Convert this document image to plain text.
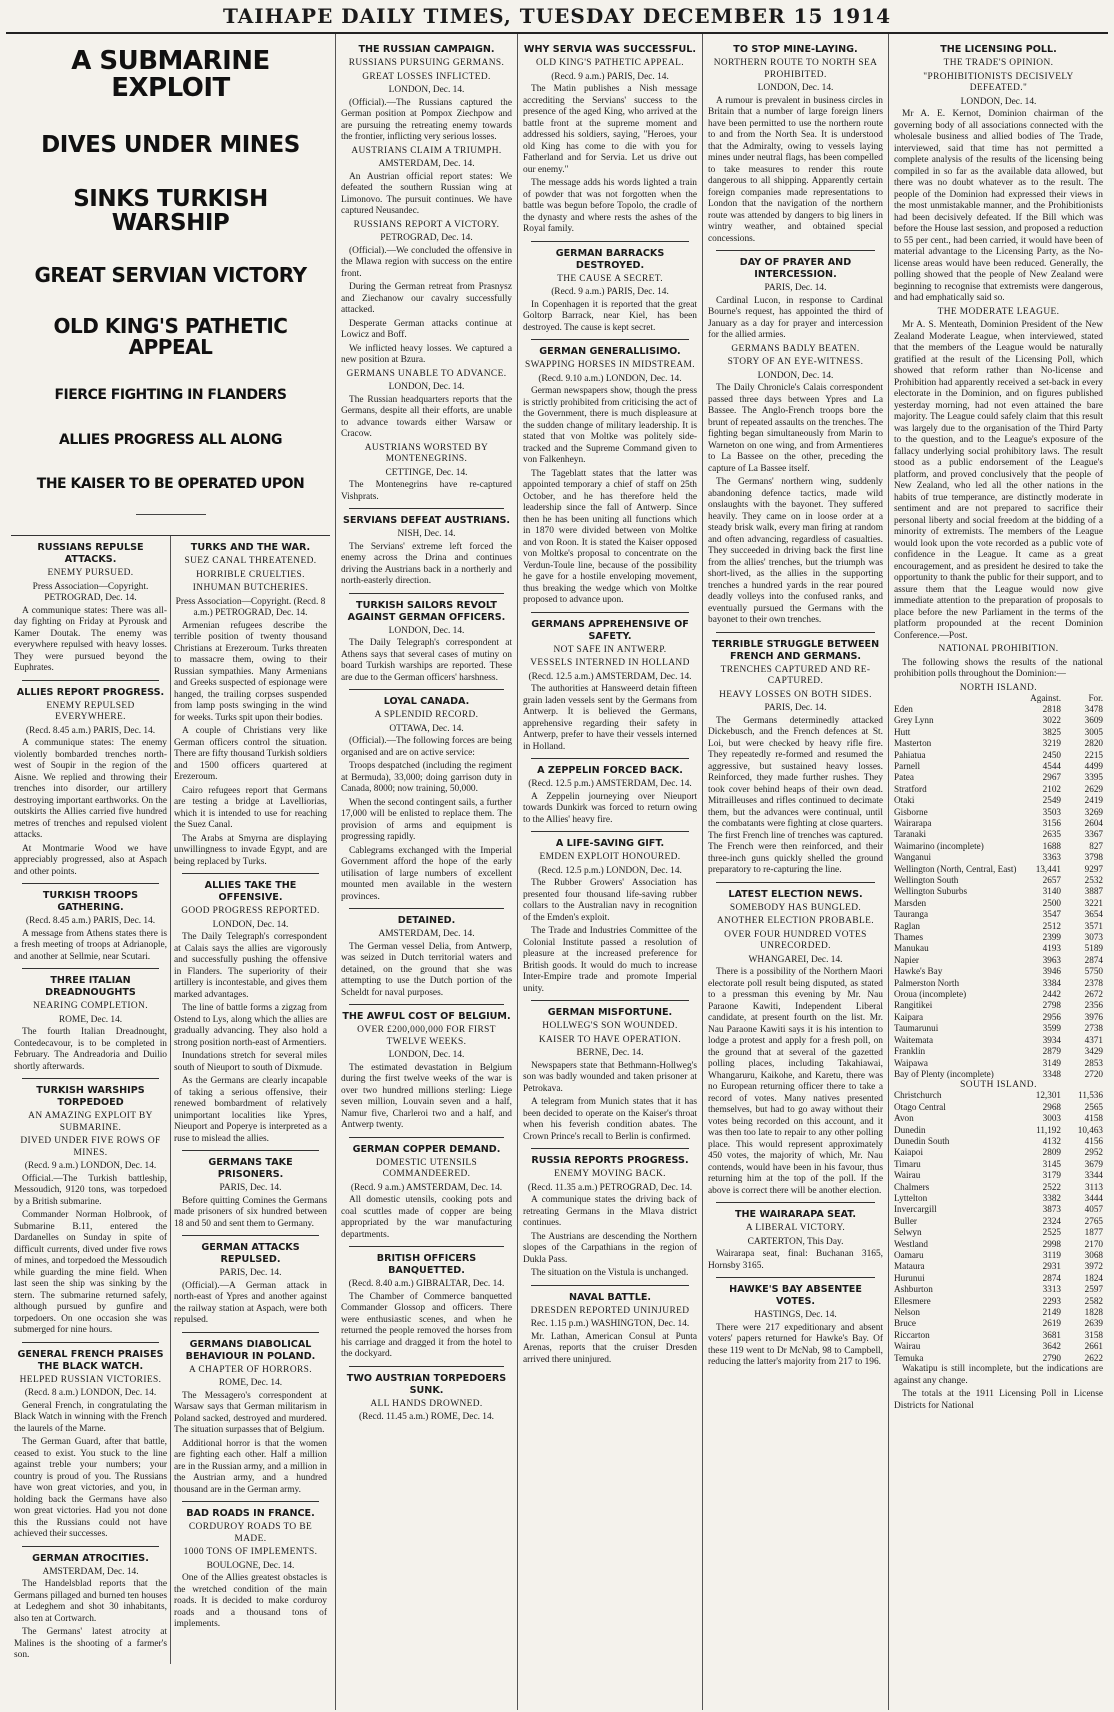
TAIHAPE DAILY TIMES, TUESDAY DECEMBER 15 1914
A SUBMARINE EXPLOIT
DIVES UNDER MINES
SINKS TURKISH WARSHIP
GREAT SERVIAN VICTORY
OLD KING'S PATHETIC APPEAL
FIERCE FIGHTING IN FLANDERS
ALLIES PROGRESS ALL ALONG
THE KAISER TO BE OPERATED UPON
RUSSIANS REPULSE ATTACKS.
ENEMY PURSUED.
Press Association—Copyright. PETROGRAD, Dec. 14.

A communique states: There was all-day fighting on Friday at Pyrousk and Kamer Doutak. The enemy was everywhere repulsed with heavy losses. They were pursued beyond the Euphrates.

ALLIES REPORT PROGRESS.
ENEMY REPULSED EVERYWHERE.
(Recd. 8.45 a.m.) PARIS, Dec. 14.

A communique states: The enemy violently bombarded trenches north-west of Soupir in the region of the Aisne. We replied and throwing their trenches into disorder, our artillery destroying important earthworks. On the outskirts the Allies carried five hundred metres of trenches and repulsed violent attacks.

At Montmarie Wood we have appreciably progressed, also at Aspach and other points.

TURKISH TROOPS GATHERING.
(Recd. 8.45 a.m.) PARIS, Dec. 14.

A message from Athens states there is a fresh meeting of troops at Adrianople, and another at Sellmie, near Scutari.

THREE ITALIAN DREADNOUGHTS
NEARING COMPLETION.
ROME, Dec. 14.

The fourth Italian Dreadnought, Contedecavour, is to be completed in February. The Andreadoria and Duilio shortly afterwards.

TURKISH WARSHIPS TORPEDOED
AN AMAZING EXPLOIT BY SUBMARINE.
DIVED UNDER FIVE ROWS OF MINES.
(Recd. 9 a.m.) LONDON, Dec. 14.

Official.—The Turkish battleship, Messoudich, 9120 tons, was torpedoed by a British submarine.

Commander Norman Holbrook, of Submarine B.11, entered the Dardanelles on Sunday in spite of difficult currents, dived under five rows of mines, and torpedoed the Messoudich while guarding the mine field. When last seen the ship was sinking by the stern. The submarine returned safely, although pursued by gunfire and torpedoers. On one occasion she was submerged for nine hours.

GENERAL FRENCH PRAISES THE BLACK WATCH.
HELPED RUSSIAN VICTORIES.
(Recd. 8 a.m.) LONDON, Dec. 14.

General French, in congratulating the Black Watch in winning with the French the laurels of the Marne.

The German Guard, after that battle, ceased to exist. You stuck to the line against treble your numbers; your country is proud of you. The Russians have won great victories, and you, in holding back the Germans have also won great victories. Had you not done this the Russians could not have achieved their successes.

GERMAN ATROCITIES.
AMSTERDAM, Dec. 14.

The Handelsblad reports that the Germans pillaged and burned ten houses at Ledeghem and shot 30 inhabitants, also ten at Cortwarch.

The Germans' latest atrocity at Malines is the shooting of a farmer's son.

TURKS AND THE WAR.
SUEZ CANAL THREATENED.
HORRIBLE CRUELTIES.
INHUMAN BUTCHERIES.
Press Association—Copyright. (Recd. 8 a.m.) PETROGRAD, Dec. 14.

Armenian refugees describe the terrible position of twenty thousand Christians at Erezeroum. Turks threaten to massacre them, owing to their Russian sympathies. Many Armenians and Greeks suspected of espionage were hanged, the trailing corpses suspended from lamp posts swinging in the wind for weeks. Turks spit upon their bodies.

A couple of Christians very like German officers control the situation. There are fifty thousand Turkish soldiers and 1500 officers quartered at Erezeroum.

Cairo refugees report that Germans are testing a bridge at Lavelliorias, which it is intended to use for reaching the Suez Canal.

The Arabs at Smyrna are displaying unwillingness to invade Egypt, and are being replaced by Turks.

ALLIES TAKE THE OFFENSIVE.
GOOD PROGRESS REPORTED.
LONDON, Dec. 14.

The Daily Telegraph's correspondent at Calais says the allies are vigorously and successfully pushing the offensive in Flanders. The superiority of their artillery is incontestable, and gives them marked advantages.

The line of battle forms a zigzag from Ostend to Lys, along which the allies are gradually advancing. They also hold a strong position north-east of Armentiers.

Inundations stretch for several miles south of Nieuport to south of Dixmude.

As the Germans are clearly incapable of taking a serious offensive, their renewed bombardment of relatively unimportant localities like Ypres, Nieuport and Poperye is interpreted as a ruse to mislead the allies.

GERMANS TAKE PRISONERS.
PARIS, Dec. 14.

Before quitting Comines the Germans made prisoners of six hundred between 18 and 50 and sent them to Germany.

GERMAN ATTACKS REPULSED.
PARIS, Dec. 14.

(Official).—A German attack in north-east of Ypres and another against the railway station at Aspach, were both repulsed.

GERMANS DIABOLICAL BEHAVIOUR IN POLAND.
A CHAPTER OF HORRORS.
ROME, Dec. 14.

The Messagero's correspondent at Warsaw says that German militarism in Poland sacked, destroyed and murdered. The situation surpasses that of Belgium.

Additional horror is that the women are fighting each other. Half a million are in the Russian army, and a million in the Austrian army, and a hundred thousand are in the German army.

BAD ROADS IN FRANCE.
CORDUROY ROADS TO BE MADE.
1000 TONS OF IMPLEMENTS.
BOULOGNE, Dec. 14.

One of the Allies greatest obstacles is the wretched condition of the main roads. It is decided to make corduroy roads and a thousand tons of implements.

THE RUSSIAN CAMPAIGN.
RUSSIANS PURSUING GERMANS.
GREAT LOSSES INFLICTED.
LONDON, Dec. 14.

(Official).—The Russians captured the German position at Pompox Ziechpow and are pursuing the retreating enemy towards the frontier, inflicting very serious losses.

AUSTRIANS CLAIM A TRIUMPH.
AMSTERDAM, Dec. 14.

An Austrian official report states: We defeated the southern Russian wing at Limonovo. The pursuit continues. We have captured Neusandec.

RUSSIANS REPORT A VICTORY.
PETROGRAD, Dec. 14.

(Official).—We concluded the offensive in the Mlawa region with success on the entire front.

During the German retreat from Prasnysz and Ziechanow our cavalry successfully attacked.

Desperate German attacks continue at Lowicz and Boff.

We inflicted heavy losses. We captured a new position at Bzura.

GERMANS UNABLE TO ADVANCE.
LONDON, Dec. 14.

The Russian headquarters reports that the Germans, despite all their efforts, are unable to advance towards either Warsaw or Cracow.

AUSTRIANS WORSTED BY MONTENEGRINS.
CETTINGE, Dec. 14.

The Montenegrins have re-captured Vishprats.

SERVIANS DEFEAT AUSTRIANS.
NISH, Dec. 14.

The Servians' extreme left forced the enemy across the Drina and continues driving the Austrians back in a northerly and north-easterly direction.

TURKISH SAILORS REVOLT AGAINST GERMAN OFFICERS.
LONDON, Dec. 14.

The Daily Telegraph's correspondent at Athens says that several cases of mutiny on board Turkish warships are reported. These are due to the German officers' harshness.

LOYAL CANADA.
A SPLENDID RECORD.
OTTAWA, Dec. 14.

(Official).—The following forces are being organised and are on active service:

Troops despatched (including the regiment at Bermuda), 33,000; doing garrison duty in Canada, 8000; now training, 50,000.

When the second contingent sails, a further 17,000 will be enlisted to replace them. The provision of arms and equipment is progressing rapidly.

Cablegrams exchanged with the Imperial Government afford the hope of the early utilisation of large numbers of excellent mounted men available in the western provinces.

DETAINED.
AMSTERDAM, Dec. 14.

The German vessel Delia, from Antwerp, was seized in Dutch territorial waters and detained, on the ground that she was attempting to use the Dutch portion of the Scheldt for naval purposes.

THE AWFUL COST OF BELGIUM.
OVER £200,000,000 FOR FIRST TWELVE WEEKS.
LONDON, Dec. 14.

The estimated devastation in Belgium during the first twelve weeks of the war is over two hundred millions sterling: Liege seven million, Louvain seven and a half, Namur five, Charleroi two and a half, and Antwerp twenty.

GERMAN COPPER DEMAND.
DOMESTIC UTENSILS COMMANDEERED.
(Recd. 9 a.m.) AMSTERDAM, Dec. 14.

All domestic utensils, cooking pots and coal scuttles made of copper are being appropriated by the war manufacturing departments.

BRITISH OFFICERS BANQUETTED.
(Recd. 8.40 a.m.) GIBRALTAR, Dec. 14.

The Chamber of Commerce banquetted Commander Glossop and officers. There were enthusiastic scenes, and when he returned the people removed the horses from his carriage and dragged it from the hotel to the dockyard.

TWO AUSTRIAN TORPEDOERS SUNK.
ALL HANDS DROWNED.
(Recd. 11.45 a.m.) ROME, Dec. 14.
WHY SERVIA WAS SUCCESSFUL.
OLD KING'S PATHETIC APPEAL.
(Recd. 9 a.m.) PARIS, Dec. 14.

The Matin publishes a Nish message accrediting the Servians' success to the presence of the aged King, who arrived at the battle front at the supreme moment and addressed his soldiers, saying, "Heroes, your old King has come to die with you for Fatherland and for Servia. Let us drive out our enemy."

The message adds his words lighted a train of powder that was not forgotten when the battle was begun before Topolo, the cradle of the dynasty and where rests the ashes of the Royal family.

GERMAN BARRACKS DESTROYED.
THE CAUSE A SECRET.
(Recd. 9 a.m.) PARIS, Dec. 14.

In Copenhagen it is reported that the great Goltorp Barrack, near Kiel, has been destroyed. The cause is kept secret.

GERMAN GENERALLISIMO.
SWAPPING HORSES IN MIDSTREAM.
(Recd. 9.10 a.m.) LONDON, Dec. 14.

German newspapers show, though the press is strictly prohibited from criticising the act of the Government, there is much displeasure at the sudden change of military leadership. It is stated that von Moltke was politely side-tracked and the Supreme Command given to von Falkenheyn.

The Tageblatt states that the latter was appointed temporary a chief of staff on 25th October, and he has therefore held the leadership since the fall of Antwerp. Since then he has been uniting all functions which in 1870 were divided between von Moltke and von Roon. It is stated the Kaiser opposed von Moltke's proposal to concentrate on the Verdun-Toule line, because of the possibility he gave for a hostile enveloping movement, thus breaking the wedge which von Moltke proposed to advance upon.

GERMANS APPREHENSIVE OF SAFETY.
NOT SAFE IN ANTWERP.
VESSELS INTERNED IN HOLLAND
(Recd. 12.5 a.m.) AMSTERDAM, Dec. 14.

The authorities at Hansweerd detain fifteen grain laden vessels sent by the Germans from Antwerp. It is believed the Germans, apprehensive regarding their safety in Antwerp, prefer to have their vessels interned in Holland.

A ZEPPELIN FORCED BACK.
(Recd. 12.5 p.m.) AMSTERDAM, Dec. 14.

A Zeppelin journeying over Nieuport towards Dunkirk was forced to return owing to the Allies' heavy fire.

A LIFE-SAVING GIFT.
EMDEN EXPLOIT HONOURED.
(Recd. 12.5 p.m.) LONDON, Dec. 14.

The Rubber Growers' Association has presented four thousand life-saving rubber collars to the Australian navy in recognition of the Emden's exploit.

The Trade and Industries Committee of the Colonial Institute passed a resolution of pleasure at the increased preference for British goods. It would do much to increase Inter-Empire trade and promote Imperial unity.

GERMAN MISFORTUNE.
HOLLWEG'S SON WOUNDED.
KAISER TO HAVE OPERATION.
BERNE, Dec. 14.

Newspapers state that Bethmann-Hollweg's son was badly wounded and taken prisoner at Petrokava.

A telegram from Munich states that it has been decided to operate on the Kaiser's throat when his feverish condition abates. The Crown Prince's recall to Berlin is confirmed.

RUSSIA REPORTS PROGRESS.
ENEMY MOVING BACK.
(Recd. 11.35 a.m.) PETROGRAD, Dec. 14.

A communique states the driving back of retreating Germans in the Mlava district continues.

The Austrians are descending the Northern slopes of the Carpathians in the region of Dukla Pass.

The situation on the Vistula is unchanged.

NAVAL BATTLE.
DRESDEN REPORTED UNINJURED
Rec. 1.15 p.m.) WASHINGTON, Dec. 14.

Mr. Lathan, American Consul at Punta Arenas, reports that the cruiser Dresden arrived there uninjured.

TO STOP MINE-LAYING.
NORTHERN ROUTE TO NORTH SEA PROHIBITED.
LONDON, Dec. 14.

A rumour is prevalent in business circles in Britain that a number of large foreign liners have been permitted to use the northern route to and from the North Sea. It is understood that the Admiralty, owing to vessels laying mines under neutral flags, has been compelled to take measures to render this route dangerous to all shipping. Apparently certain foreign companies made representations to London that the navigation of the northern route was attended by dangers to big liners in wintry weather, and obtained special concessions.

DAY OF PRAYER AND INTERCESSION.
PARIS, Dec. 14.

Cardinal Lucon, in response to Cardinal Bourne's request, has appointed the third of January as a day for prayer and intercession for the allied armies.

GERMANS BADLY BEATEN.
STORY OF AN EYE-WITNESS.
LONDON, Dec. 14.

The Daily Chronicle's Calais correspondent passed three days between Ypres and La Bassee. The Anglo-French troops bore the brunt of repeated assaults on the trenches. The fighting began simultaneously from Marin to Warneton on one wing, and from Armentieres to La Bassee on the other, preceding the capture of La Bassee itself.

The Germans' northern wing, suddenly abandoning defence tactics, made wild onslaughts with the bayonet. They suffered heavily. They came on in loose order at a steady brisk walk, every man firing at random and often advancing, regardless of casualties. They succeeded in driving back the first line from the allies' trenches, but the triumph was short-lived, as the allies in the supporting trenches a hundred yards in the rear poured deadly volleys into the confused ranks, and eventually pursued the Germans with the bayonet to their own trenches.

TERRIBLE STRUGGLE BETWEEN FRENCH AND GERMANS.
TRENCHES CAPTURED AND RE-CAPTURED.
HEAVY LOSSES ON BOTH SIDES.
PARIS, Dec. 14.

The Germans determinedly attacked Dickebusch, and the French defences at St. Loi, but were checked by heavy rifle fire. They repeatedly re-formed and resumed the aggressive, but sustained heavy losses. Reinforced, they made further rushes. They took cover behind heaps of their own dead. Mitrailleuses and rifles continued to decimate them, but the advances were continual, until the combatants were fighting at close quarters. The first French line of trenches was captured. The French were then reinforced, and their three-inch guns quickly shelled the ground preparatory to re-capturing the line.

LATEST ELECTION NEWS.
SOMEBODY HAS BUNGLED.
ANOTHER ELECTION PROBABLE.
OVER FOUR HUNDRED VOTES UNRECORDED.
WHANGAREI, Dec. 14.

There is a possibility of the Northern Maori electorate poll result being disputed, as stated to a pressman this evening by Mr. Nau Paraone Kawiti, Independent Liberal candidate, at present fourth on the list. Mr. Nau Paraone Kawiti says it is his intention to lodge a protest and apply for a fresh poll, on the ground that at several of the gazetted polling places, including Takahiawai, Whangaruru, Kaikohe, and Karetu, there was no European returning officer there to take a record of votes. Many natives presented themselves, but had to go away without their votes being recorded on this account, and it was then too late to repair to any other polling place. This would represent approximately 450 votes, the majority of which, Mr. Nau contends, would have been in his favour, thus returning him at the top of the poll. If the above is correct there will be another election.

THE WAIRARAPA SEAT.
A LIBERAL VICTORY.
CARTERTON, This Day.

Wairarapa seat, final: Buchanan 3165, Hornsby 3165.

HAWKE'S BAY ABSENTEE VOTES.
HASTINGS, Dec. 14.

There were 217 expeditionary and absent voters' papers returned for Hawke's Bay. Of these 119 went to Dr McNab, 98 to Campbell, reducing the latter's majority from 217 to 196.

THE LICENSING POLL.
THE TRADE'S OPINION.
"PROHIBITIONISTS DECISIVELY DEFEATED."
LONDON, Dec. 14.

Mr A. E. Kernot, Dominion chairman of the governing body of all associations connected with the wholesale business and allied bodies of The Trade, interviewed, said that time has not permitted a complete analysis of the results of the licensing being compiled in so far as the available data allowed, but there was no doubt whatever as to the result. The people of the Dominion had expressed their views in the most unmistakable manner, and the Prohibitionists had been decisively defeated. If the Bill which was before the House last session, and proposed a reduction to 55 per cent., had been carried, it would have been of material advantage to the Licensing Party, as the No-license areas would have been reduced. Generally, the polling showed that the people of New Zealand were beginning to recognise that extremists were dangerous, and had emphatically said so.

THE MODERATE LEAGUE.

Mr A. S. Menteath, Dominion President of the New Zealand Moderate League, when interviewed, stated that the members of the League would be naturally gratified at the result of the Licensing Poll, which showed that reform rather than No-license and Prohibition had apparently received a set-back in every electorate in the Dominion, and on figures published yesterday morning, had not even attained the bare majority. The League could safely claim that this result was largely due to the organisation of the Third Party to the question, and to the League's exposure of the fallacy underlying social prohibitory laws. The result stood as a public endorsement of the League's platform, and proved conclusively that the people of New Zealand, who led all the other nations in the habits of true temperance, are distinctly moderate in sentiment and are not prepared to sacrifice their personal liberty and social freedom at the bidding of a minority of extremists. The members of the League would look upon the vote recorded as a public vote of confidence in the League. It came as a great encouragement, and as president he desired to take the opportunity to thank the public for their support, and to assure them that the League would now give immediate attention to the preparation of proposals to place before the new Parliament in the terms of the platform propounded at the recent Dominion Conference.—Post.

NATIONAL PROHIBITION.

The following shows the results of the national prohibition polls throughout the Dominion:—

NORTH ISLAND.
	Against.	For.
Eden	2818	3478
Grey Lynn	3022	3609
Hutt	3825	3005
Masterton	3219	2820
Pahiatua	2450	2215
Parnell	4544	4499
Patea	2967	3395
Stratford	2102	2629
Otaki	2549	2419
Gisborne	3503	3269
Wairarapa	3156	2604
Taranaki	2635	3367
Waimarino (incomplete)	1688	827
Wanganui	3363	3798
Wellington (North, Central, East)	13,441	9297
Wellington South	2657	2532
Wellington Suburbs	3140	3887
Marsden	2500	3221
Tauranga	3547	3654
Raglan	2512	3571
Thames	2399	3073
Manukau	4193	5189
Napier	3963	2874
Hawke's Bay	3946	5750
Palmerston North	3384	2378
Oroua (incomplete)	2442	2672
Rangitikei	2798	2356
Kaipara	2956	3976
Taumarunui	3599	2738
Waitemata	3934	4371
Franklin	2879	3429
Waipawa	3149	2853
Bay of Plenty (incomplete)	3348	2720
SOUTH ISLAND.
Christchurch	12,301	11,536
Otago Central	2968	2565
Avon	3003	4158
Dunedin	11,192	10,463
Dunedin South	4132	4156
Kaiapoi	2809	2952
Timaru	3145	3679
Wairau	3179	3344
Chalmers	2522	3113
Lyttelton	3382	3444
Invercargill	3873	4057
Buller	2324	2765
Selwyn	2525	1877
Westland	2998	2170
Oamaru	3119	3068
Mataura	2931	3972
Hurunui	2874	1824
Ashburton	3313	2597
Ellesmere	2293	2582
Nelson	2149	1828
Bruce	2619	2639
Riccarton	3681	3158
Wairau	3642	2661
Temuka	2790	2622

Wakatipu is still incomplete, but the indications are against any change.

The totals at the 1911 Licensing Poll in License Districts for National
